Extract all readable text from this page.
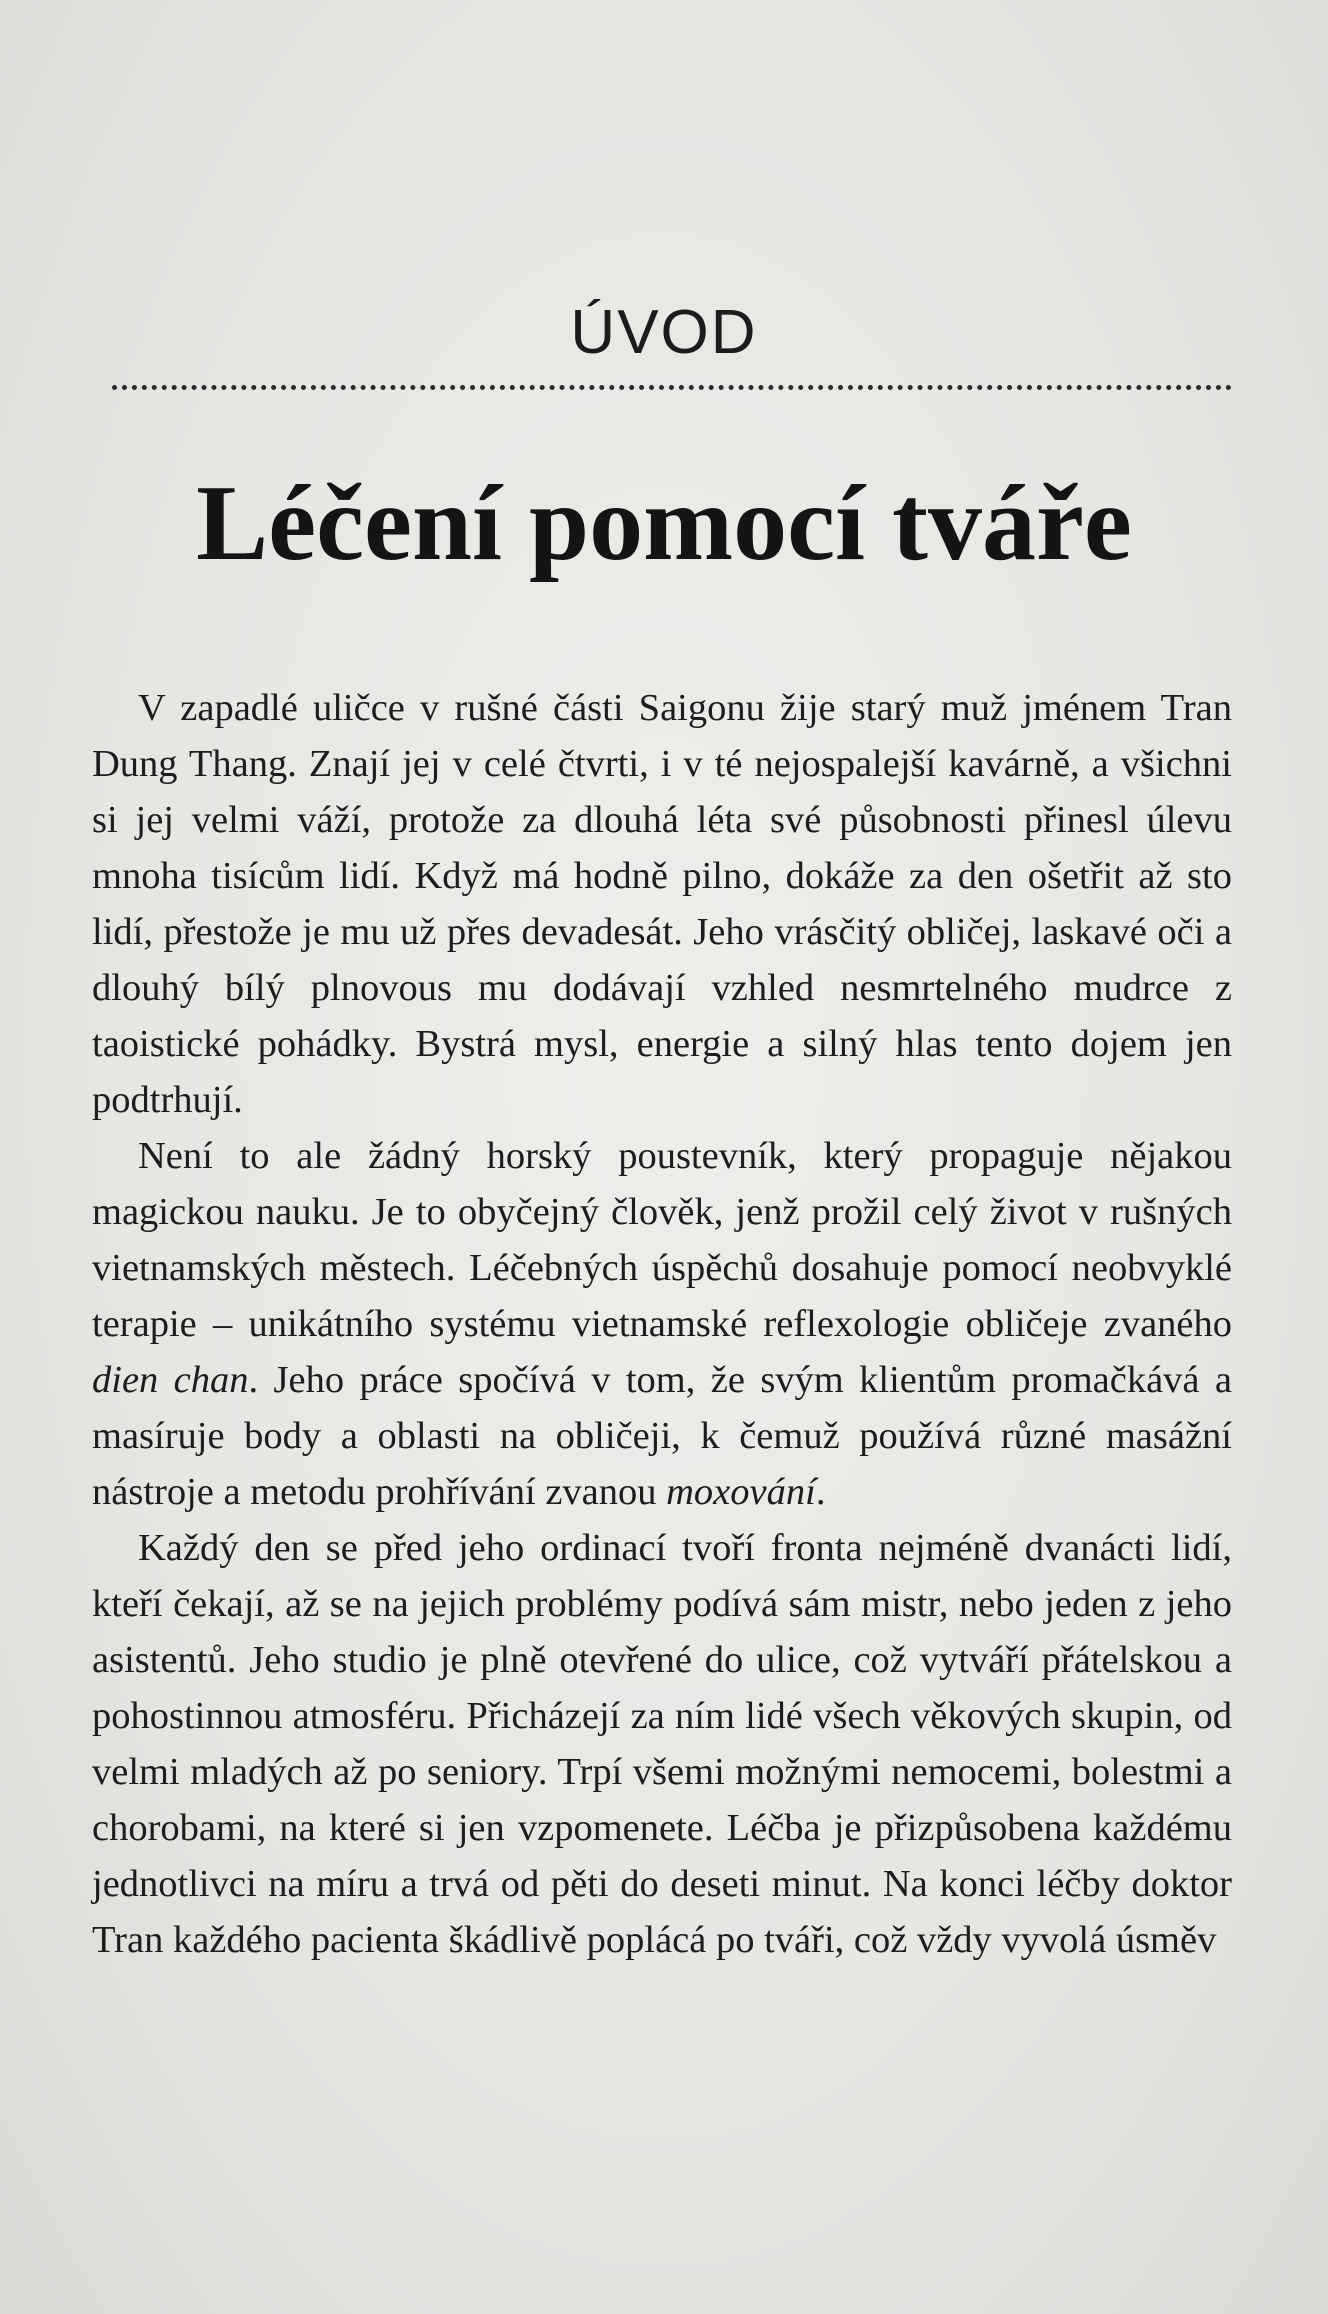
ÚVOD
Léčení pomocí tváře

V zapadlé uličce v rušné části Saigonu žije starý muž jménem Tran Dung Thang. Znají jej v celé čtvrti, i v té nejospalejší kavárně, a všichni si jej velmi váží, protože za dlouhá léta své působnosti přinesl úlevu mnoha tisícům lidí. Když má hodně pilno, dokáže za den ošetřit až sto lidí, přestože je mu už přes devadesát. Jeho vrásčitý obličej, laskavé oči a dlouhý bílý plnovous mu dodávají vzhled nesmrtelného mudrce z taoistické pohádky. Bystrá mysl, energie a silný hlas tento dojem jen podtrhují.

Není to ale žádný horský poustevník, který propaguje nějakou magickou nauku. Je to obyčejný člověk, jenž prožil celý život v rušných vietnamských městech. Léčebných úspěchů dosahuje pomocí neobvyklé terapie – unikátního systému vietnamské reflexologie obličeje zvaného dien chan. Jeho práce spočívá v tom, že svým klientům promačkává a masíruje body a oblasti na obličeji, k čemuž používá různé masážní nástroje a metodu prohřívání zvanou moxování.

Každý den se před jeho ordinací tvoří fronta nejméně dvanácti lidí, kteří čekají, až se na jejich problémy podívá sám mistr, nebo jeden z jeho asistentů. Jeho studio je plně otevřené do ulice, což vytváří přátelskou a pohostinnou atmosféru. Přicházejí za ním lidé všech věkových skupin, od velmi mladých až po seniory. Trpí všemi možnými nemocemi, bolestmi a chorobami, na které si jen vzpomenete. Léčba je přizpůsobena každému jednotlivci na míru a trvá od pěti do deseti minut. Na konci léčby doktor Tran každého pacienta škádlivě poplácá po tváři, což vždy vyvolá úsměv
